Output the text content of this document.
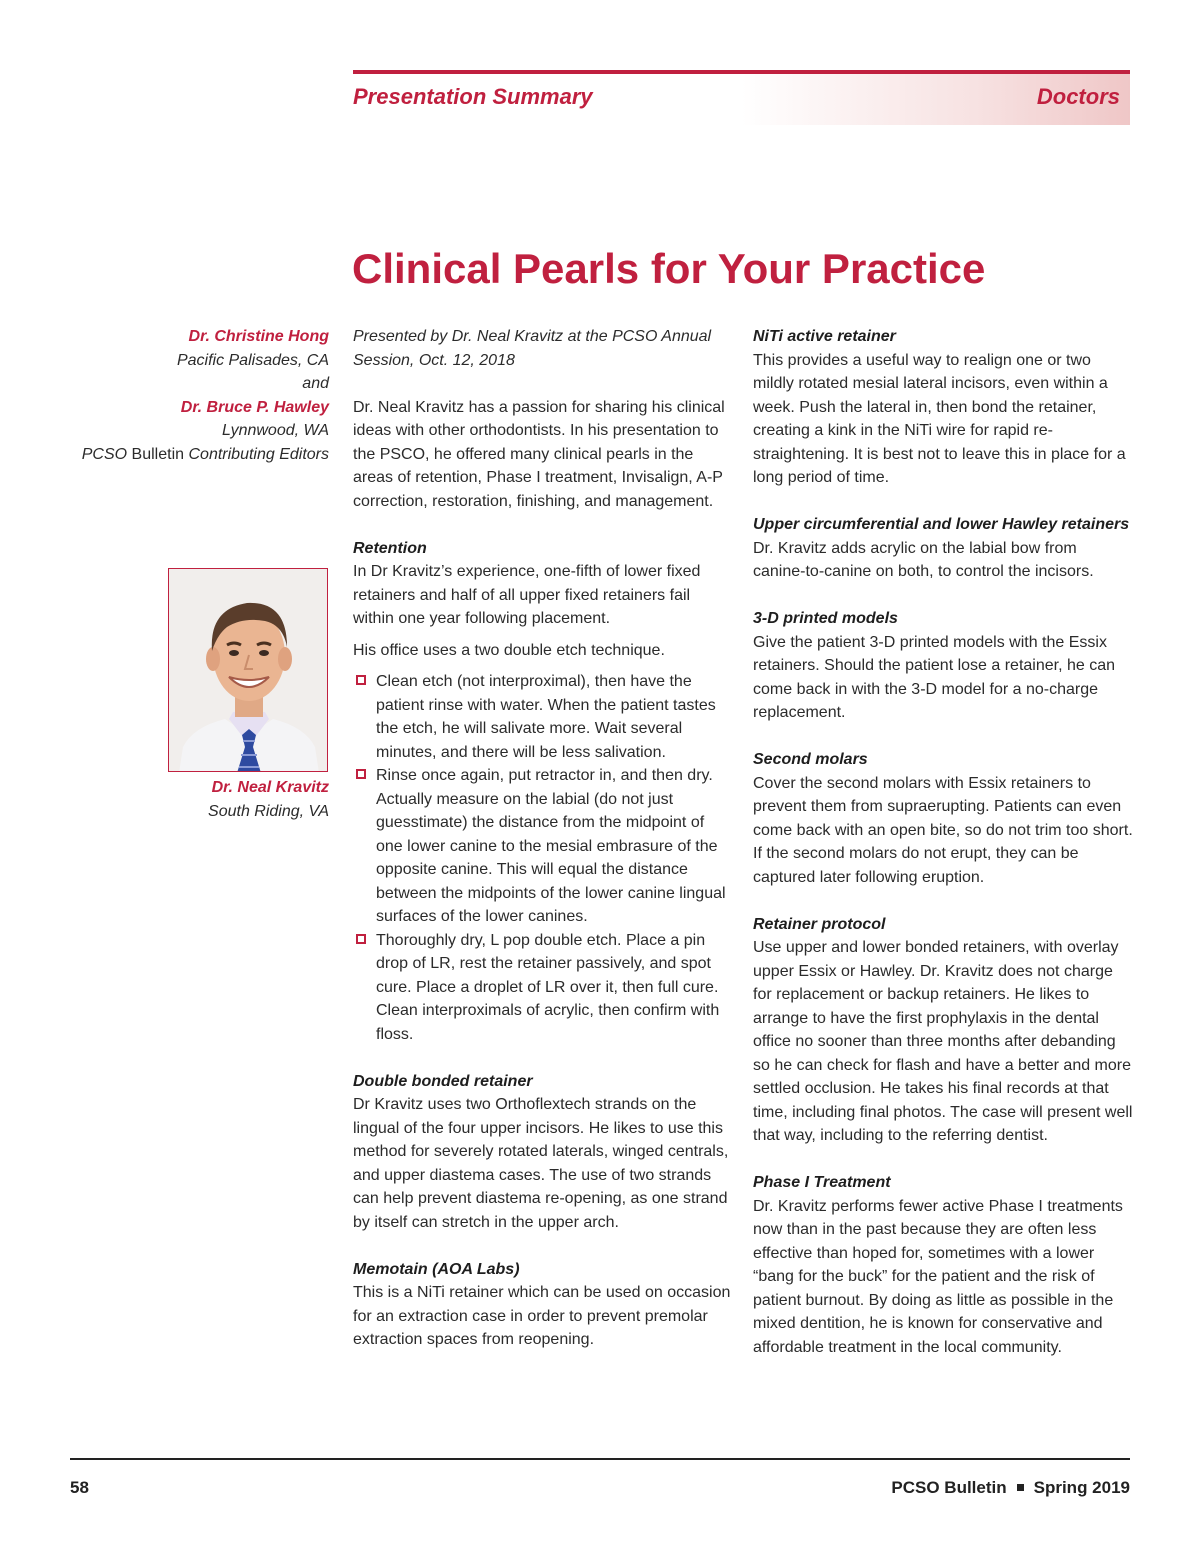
Presentation Summary	Doctors
Clinical Pearls for Your Practice
Dr. Christine Hong
Pacific Palisades, CA
and
Dr. Bruce P. Hawley
Lynnwood, WA
PCSO Bulletin Contributing Editors
Dr. Neal Kravitz
South Riding, VA

Presented by Dr. Neal Kravitz at the PCSO Annual Session, Oct. 12, 2018

Dr. Neal Kravitz has a passion for sharing his clinical ideas with other orthodontists. In his presentation to the PSCO, he offered many clinical pearls in the areas of retention, Phase I treatment, Invisalign, A-P correction, restoration, finishing, and management.

Retention

In Dr Kravitz’s experience, one-fifth of lower fixed retainers and half of all upper fixed retainers fail within one year following placement.

His office uses a two double etch technique.

Clean etch (not interproximal), then have the patient rinse with water. When the patient tastes the etch, he will salivate more. Wait several minutes, and there will be less salivation.
Rinse once again, put retractor in, and then dry. Actually measure on the labial (do not just guesstimate) the distance from the midpoint of one lower canine to the mesial embrasure of the opposite canine. This will equal the distance between the midpoints of the lower canine lingual surfaces of the lower canines.
Thoroughly dry, L pop double etch. Place a pin drop of LR, rest the retainer passively, and spot cure. Place a droplet of LR over it, then full cure. Clean interproximals of acrylic, then confirm with floss.

Double bonded retainer

Dr Kravitz uses two Orthoflextech strands on the lingual of the four upper incisors. He likes to use this method for severely rotated laterals, winged centrals, and upper diastema cases. The use of two strands can help prevent diastema re-opening, as one strand by itself can stretch in the upper arch.

Memotain (AOA Labs)

This is a NiTi retainer which can be used on occasion for an extraction case in order to prevent premolar extraction spaces from reopening.

NiTi active retainer

This provides a useful way to realign one or two mildly rotated mesial lateral incisors, even within a week. Push the lateral in, then bond the retainer, creating a kink in the NiTi wire for rapid re-straightening. It is best not to leave this in place for a long period of time.

Upper circumferential and lower Hawley retainers

Dr. Kravitz adds acrylic on the labial bow from canine-to-canine on both, to control the incisors.

3-D printed models

Give the patient 3-D printed models with the Essix retainers. Should the patient lose a retainer, he can come back in with the 3-D model for a no-charge replacement.

Second molars

Cover the second molars with Essix retainers to prevent them from supraerupting. Patients can even come back with an open bite, so do not trim too short. If the second molars do not erupt, they can be captured later following eruption.

Retainer protocol

Use upper and lower bonded retainers, with overlay upper Essix or Hawley. Dr. Kravitz does not charge for replacement or backup retainers. He likes to arrange to have the first prophylaxis in the dental office no sooner than three months after debanding so he can check for flash and have a better and more settled occlusion. He takes his final records at that time, including final photos. The case will present well that way, including to the referring dentist.

Phase I Treatment

Dr. Kravitz performs fewer active Phase I treatments now than in the past because they are often less effective than hoped for, sometimes with a lower “bang for the buck” for the patient and the risk of patient burnout. By doing as little as possible in the mixed dentition, he is known for conservative and affordable treatment in the local community.

58	PCSO Bulletin Spring 2019
